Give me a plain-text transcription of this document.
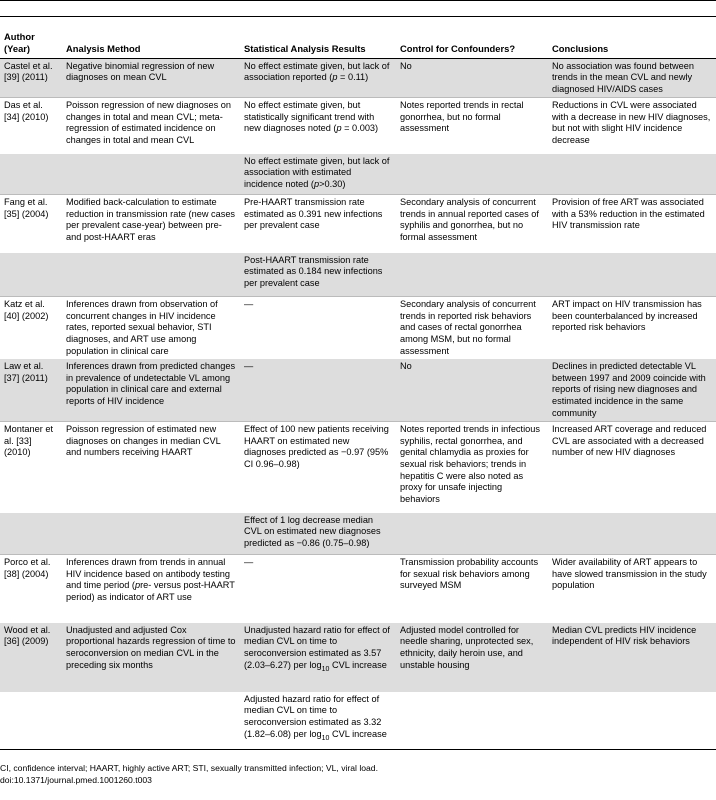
Author (Year)	Analysis Method	Statistical Analysis Results	Control for Confounders?	Conclusions
Castel et al. [39] (2011)	Negative binomial regression of new diagnoses on mean CVL	No effect estimate given, but lack of association reported (p = 0.11)	No	No association was found between trends in the mean CVL and newly diagnosed HIV/AIDS cases
Das et al. [34] (2010)	Poisson regression of new diagnoses on changes in total and mean CVL; meta-regression of estimated incidence on changes in total and mean CVL	No effect estimate given, but statistically significant trend with new diagnoses noted (p = 0.003)	Notes reported trends in rectal gonorrhea, but no formal assessment	Reductions in CVL were associated with a decrease in new HIV diagnoses, but not with slight HIV incidence decrease
		No effect estimate given, but lack of association with estimated incidence noted (p>0.30)		
Fang et al. [35] (2004)	Modified back-calculation to estimate reduction in transmission rate (new cases per prevalent case-year) between pre- and post-HAART eras	Pre-HAART transmission rate estimated as 0.391 new infections per prevalent case	Secondary analysis of concurrent trends in annual reported cases of syphilis and gonorrhea, but no formal assessment	Provision of free ART was associated with a 53% reduction in the estimated HIV transmission rate
		Post-HAART transmission rate estimated as 0.184 new infections per prevalent case		
Katz et al. [40] (2002)	Inferences drawn from observation of concurrent changes in HIV incidence rates, reported sexual behavior, STI diagnoses, and ART use among population in clinical care	—	Secondary analysis of concurrent trends in reported risk behaviors and cases of rectal gonorrhea among MSM, but no formal assessment	ART impact on HIV transmission has been counterbalanced by increased reported risk behaviors
Law et al. [37] (2011)	Inferences drawn from predicted changes in prevalence of undetectable VL among population in clinical care and external reports of HIV incidence	—	No	Declines in predicted detectable VL between 1997 and 2009 coincide with reports of rising new diagnoses and estimated incidence in the same community
Montaner et al. [33] (2010)	Poisson regression of estimated new diagnoses on changes in median CVL and numbers receiving HAART	Effect of 100 new patients receiving HAART on estimated new diagnoses predicted as −0.97 (95% CI 0.96–0.98)	Notes reported trends in infectious syphilis, rectal gonorrhea, and genital chlamydia as proxies for sexual risk behaviors; trends in hepatitis C were also noted as proxy for unsafe injecting behaviors	Increased ART coverage and reduced CVL are associated with a decreased number of new HIV diagnoses
		Effect of 1 log decrease median CVL on estimated new diagnoses predicted as −0.86 (0.75–0.98)		
Porco et al. [38] (2004)	Inferences drawn from trends in annual HIV incidence based on antibody testing and time period (pre- versus post-HAART period) as indicator of ART use	—	Transmission probability accounts for sexual risk behaviors among surveyed MSM	Wider availability of ART appears to have slowed transmission in the study population
Wood et al. [36] (2009)	Unadjusted and adjusted Cox proportional hazards regression of time to seroconversion on median CVL in the preceding six months	Unadjusted hazard ratio for effect of median CVL on time to seroconversion estimated as 3.57 (2.03–6.27) per $\log_{10}$ CVL increase	Adjusted model controlled for needle sharing, unprotected sex, ethnicity, daily heroin use, and unstable housing	Median CVL predicts HIV incidence independent of HIV risk behaviors
		Adjusted hazard ratio for effect of median CVL on time to seroconversion estimated as 3.32 (1.82–6.08) per $\log_{10}$ CVL increase		
CI, confidence interval; HAART, highly active ART; STI, sexually transmitted infection; VL, viral load.
doi:10.1371/journal.pmed.1001260.t003
